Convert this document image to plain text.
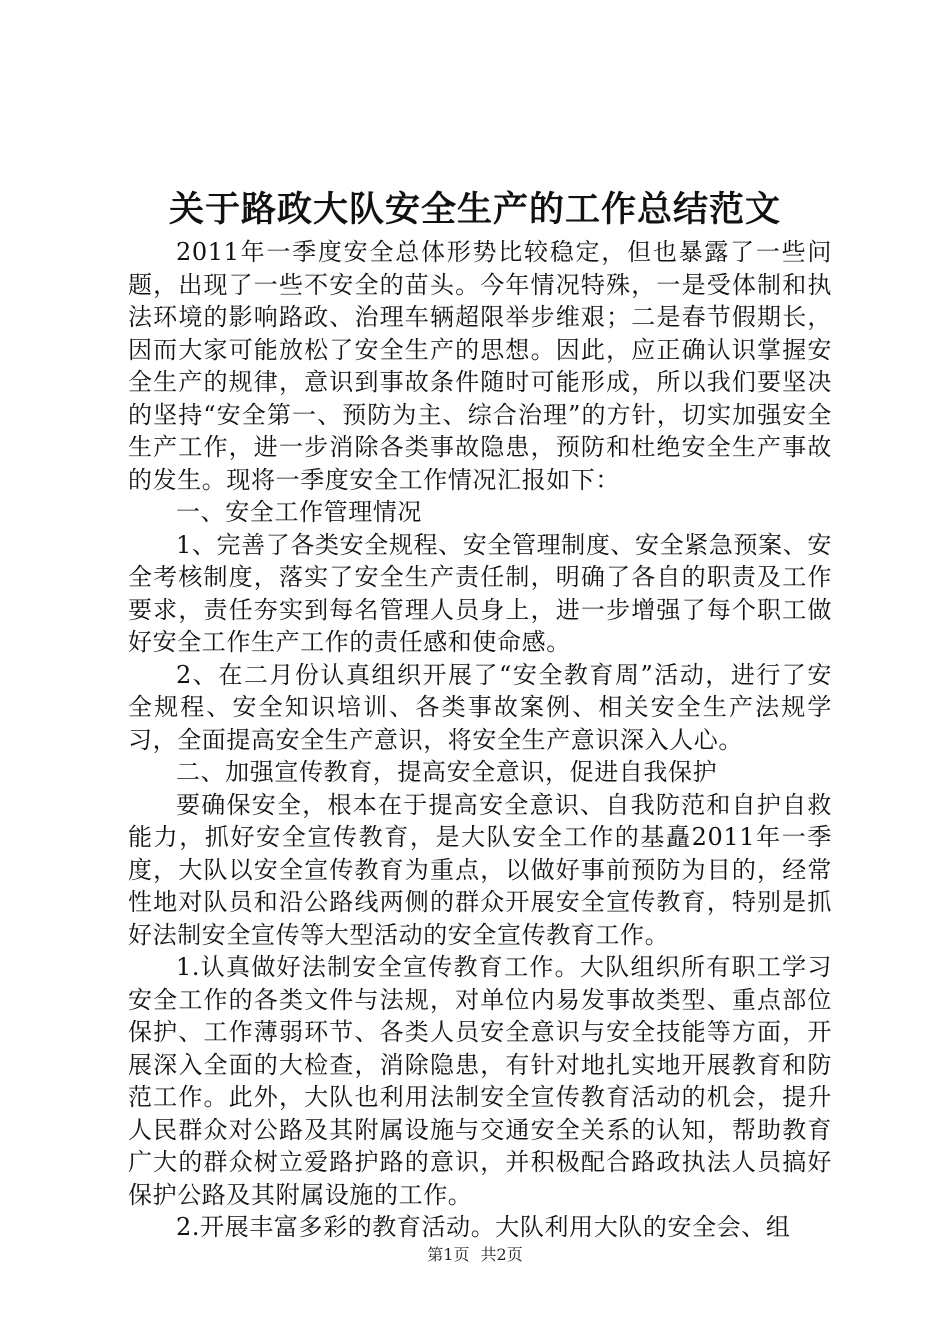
关于路政大队安全生产的工作总结范文

2011年一季度安全总体形势比较稳定，但也暴露了一些问题，出现了一些不安全的苗头。今年情况特殊，一是受体制和执法环境的影响路政、治理车辆超限举步维艰；二是春节假期长，因而大家可能放松了安全生产的思想。因此，应正确认识掌握安全生产的规律，意识到事故条件随时可能形成，所以我们要坚决的坚持“安全第一、预防为主、综合治理”的方针，切实加强安全生产工作，进一步消除各类事故隐患，预防和杜绝安全生产事故的发生。现将一季度安全工作情况汇报如下：

一、安全工作管理情况

1、完善了各类安全规程、安全管理制度、安全紧急预案、安全考核制度，落实了安全生产责任制，明确了各自的职责及工作要求，责任夯实到每名管理人员身上，进一步增强了每个职工做好安全工作生产工作的责任感和使命感。

2、在二月份认真组织开展了“安全教育周”活动，进行了安全规程、安全知识培训、各类事故案例、相关安全生产法规学习，全面提高安全生产意识，将安全生产意识深入人心。

二、加强宣传教育，提高安全意识，促进自我保护

要确保安全，根本在于提高安全意识、自我防范和自护自救能力，抓好安全宣传教育，是大队安全工作的基矗2011年一季度，大队以安全宣传教育为重点，以做好事前预防为目的，经常性地对队员和沿公路线两侧的群众开展安全宣传教育，特别是抓好法制安全宣传等大型活动的安全宣传教育工作。

1.认真做好法制安全宣传教育工作。大队组织所有职工学习安全工作的各类文件与法规，对单位内易发事故类型、重点部位保护、工作薄弱环节、各类人员安全意识与安全技能等方面，开展深入全面的大检查，消除隐患，有针对地扎实地开展教育和防范工作。此外，大队也利用法制安全宣传教育活动的机会，提升人民群众对公路及其附属设施与交通安全关系的认知，帮助教育广大的群众树立爱路护路的意识，并积极配合路政执法人员搞好保护公路及其附属设施的工作。

2.开展丰富多彩的教育活动。大队利用大队的安全会、组

第1页 共2页
